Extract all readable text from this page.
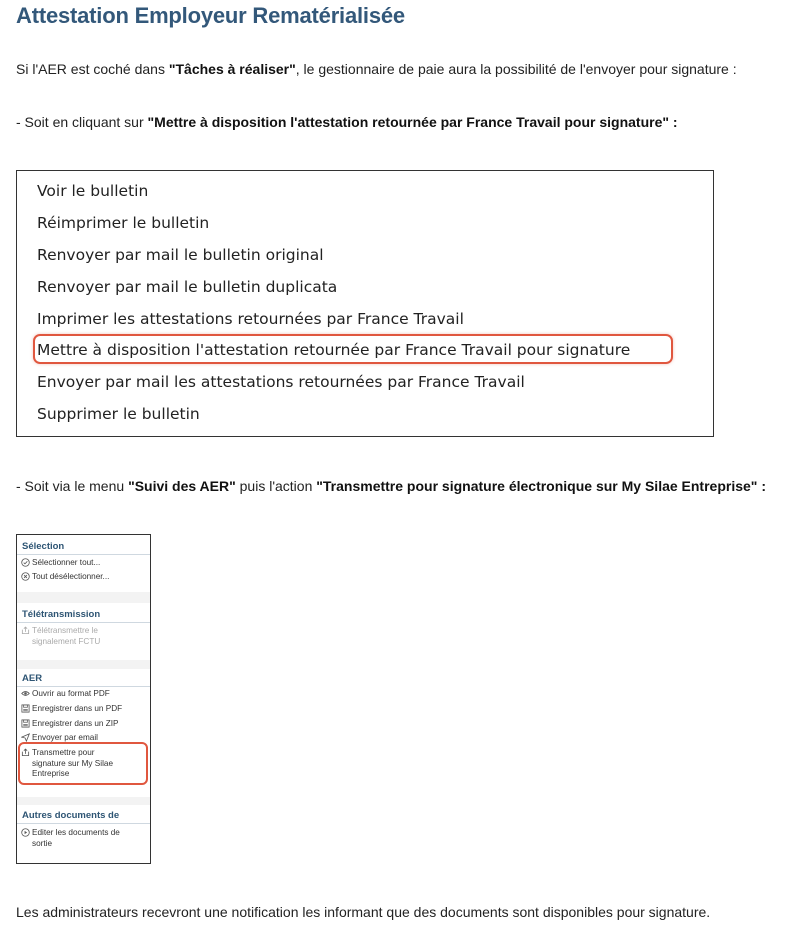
Attestation Employeur Rematérialisée

Si l'AER est coché dans "Tâches à réaliser", le gestionnaire de paie aura la possibilité de l'envoyer pour signature :

- Soit en cliquant sur "Mettre à disposition l'attestation retournée par France Travail pour signature" :

Voir le bulletin
Réimprimer le bulletin
Renvoyer par mail le bulletin original
Renvoyer par mail le bulletin duplicata
Imprimer les attestations retournées par France Travail
Mettre à disposition l'attestation retournée par France Travail pour signature
Envoyer par mail les attestations retournées par France Travail
Supprimer le bulletin

- Soit via le menu "Suivi des AER" puis l'action "Transmettre pour signature électronique sur My Silae Entreprise" :

Sélection
Sélectionner tout...
Tout désélectionner...
Télétransmission
Télétransmettre le
signalement FCTU
AER
Ouvrir au format PDF
Enregistrer dans un PDF
Enregistrer dans un ZIP
Envoyer par email
Transmettre pour
signature sur My Silae
Entreprise
Autres documents de
Editer les documents de
sortie

Les administrateurs recevront une notification les informant que des documents sont disponibles pour signature.
